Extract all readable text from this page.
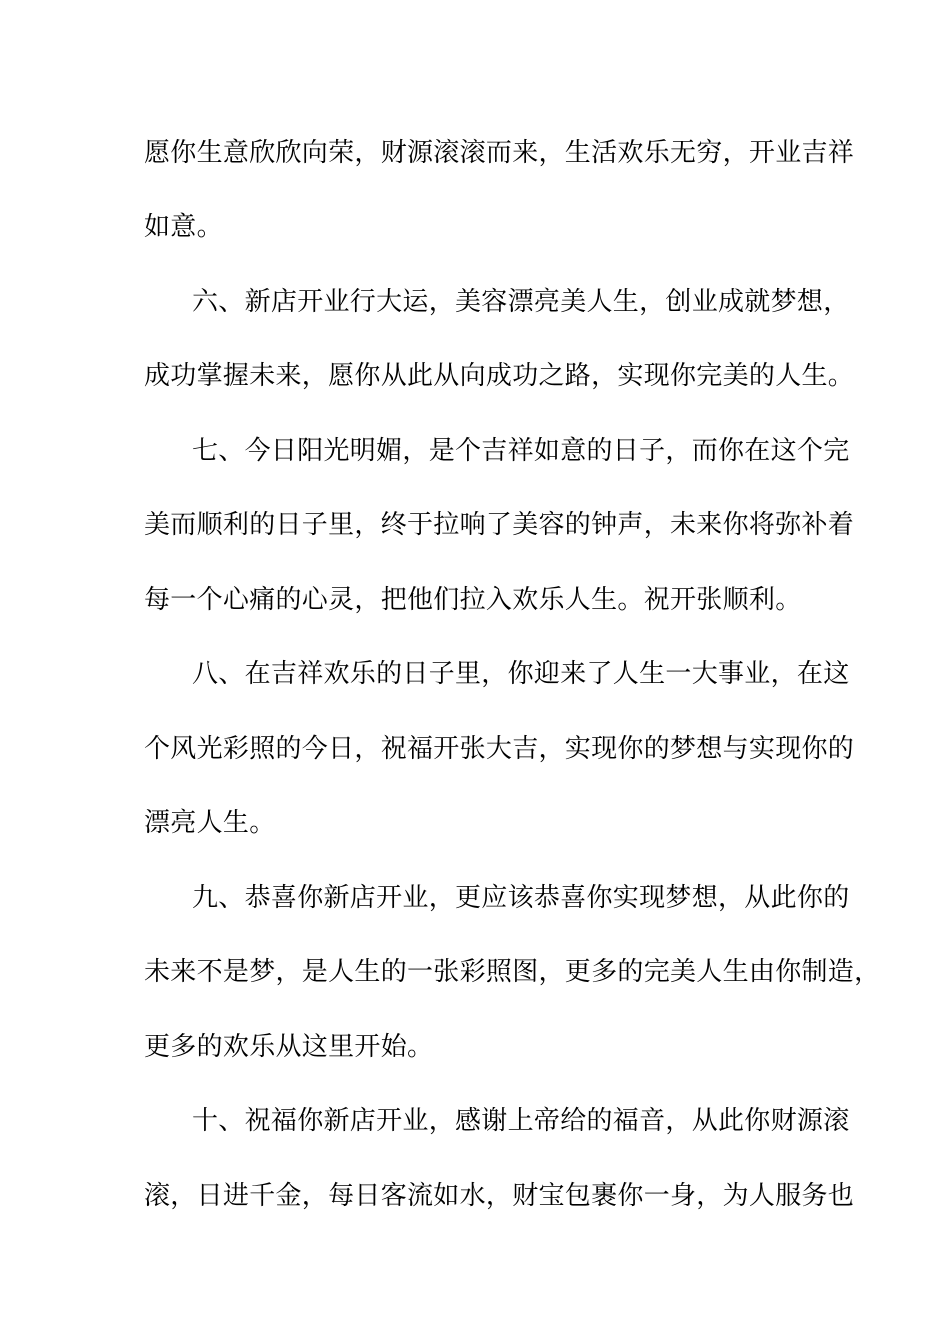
愿你生意欣欣向荣，财源滚滚而来，生活欢乐无穷，开业吉祥

如意。

六、新店开业行大运，美容漂亮美人生，创业成就梦想，

成功掌握未来，愿你从此从向成功之路，实现你完美的人生。

七、今日阳光明媚，是个吉祥如意的日子，而你在这个完

美而顺利的日子里，终于拉响了美容的钟声，未来你将弥补着

每一个心痛的心灵，把他们拉入欢乐人生。祝开张顺利。

八、在吉祥欢乐的日子里，你迎来了人生一大事业，在这

个风光彩照的今日，祝福开张大吉，实现你的梦想与实现你的

漂亮人生。

九、恭喜你新店开业，更应该恭喜你实现梦想，从此你的

未来不是梦，是人生的一张彩照图，更多的完美人生由你制造，

更多的欢乐从这里开始。

十、祝福你新店开业，感谢上帝给的福音，从此你财源滚

滚，日进千金，每日客流如水，财宝包裹你一身，为人服务也
